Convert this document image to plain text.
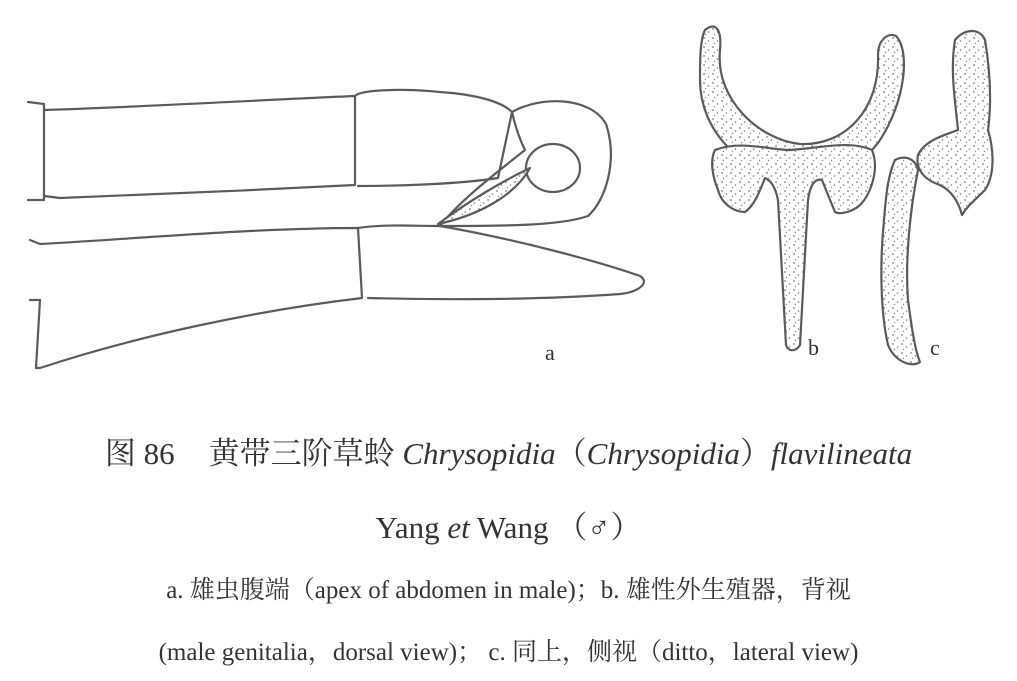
a	b	c
图 86 黄带三阶草蛉 Chrysopidia（Chrysopidia）flavilineata
Yang et Wang （♂）
a. 雄虫腹端（apex of abdomen in male)；b. 雄性外生殖器，背视
(male genitalia，dorsal view)； c. 同上，侧视（ditto，lateral view)
